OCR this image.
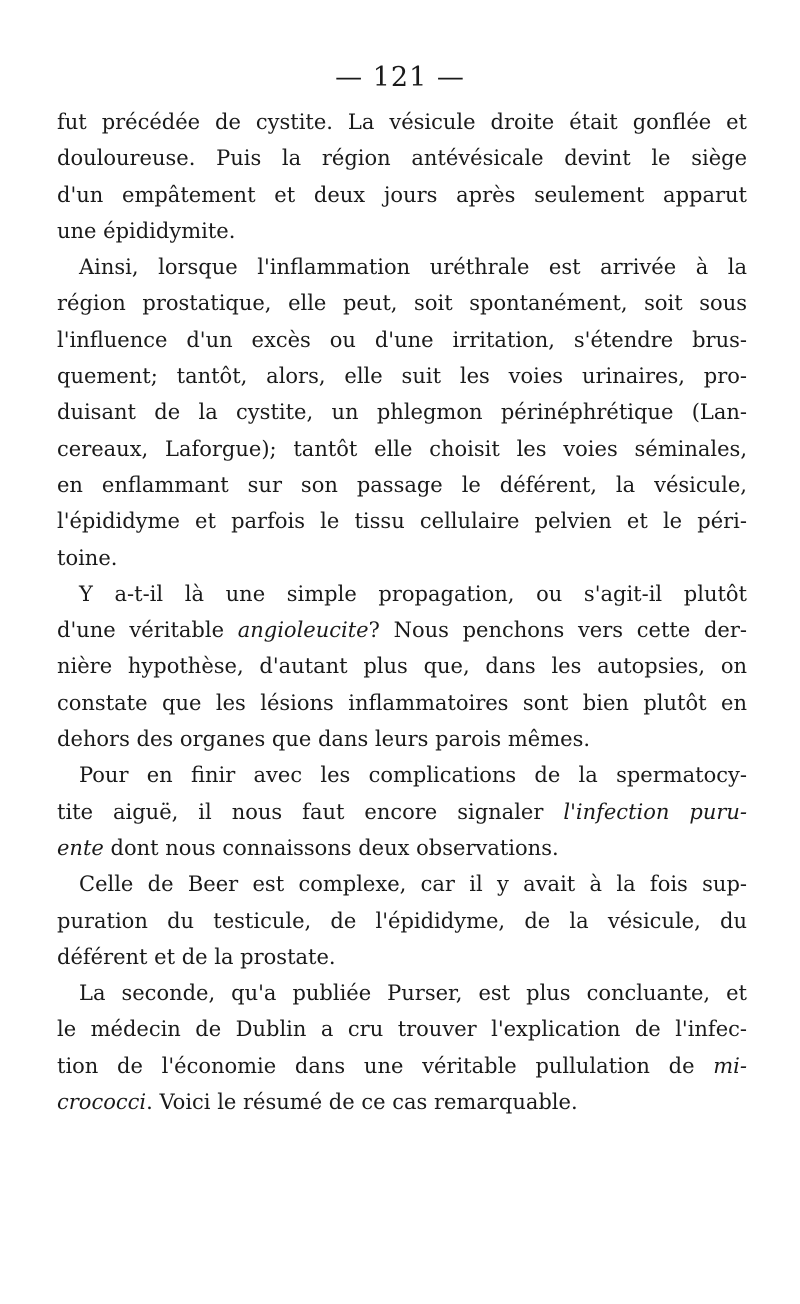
— 121 —
fut précédée de cystite. La vésicule droite était gonflée et
douloureuse. Puis la région antévésicale devint le siège
d'un empâtement et deux jours après seulement apparut
une épididymite.
Ainsi, lorsque l'inflammation uréthrale est arrivée à la
région prostatique, elle peut, soit spontanément, soit sous
l'influence d'un excès ou d'une irritation, s'étendre brus-
quement; tantôt, alors, elle suit les voies urinaires, pro-
duisant de la cystite, un phlegmon périnéphrétique (Lan-
cereaux, Laforgue); tantôt elle choisit les voies séminales,
en enflammant sur son passage le déférent, la vésicule,
l'épididyme et parfois le tissu cellulaire pelvien et le péri-
toine.
Y a-t-il là une simple propagation, ou s'agit-il plutôt
d'une véritable angioleucite? Nous penchons vers cette der-
nière hypothèse, d'autant plus que, dans les autopsies, on
constate que les lésions inflammatoires sont bien plutôt en
dehors des organes que dans leurs parois mêmes.
Pour en finir avec les complications de la spermatocy-
tite aiguë, il nous faut encore signaler l'infection puru-
ente dont nous connaissons deux observations.
Celle de Beer est complexe, car il y avait à la fois sup-
puration du testicule, de l'épididyme, de la vésicule, du
déférent et de la prostate.
La seconde, qu'a publiée Purser, est plus concluante, et
le médecin de Dublin a cru trouver l'explication de l'infec-
tion de l'économie dans une véritable pullulation de mi-
crococci. Voici le résumé de ce cas remarquable.
